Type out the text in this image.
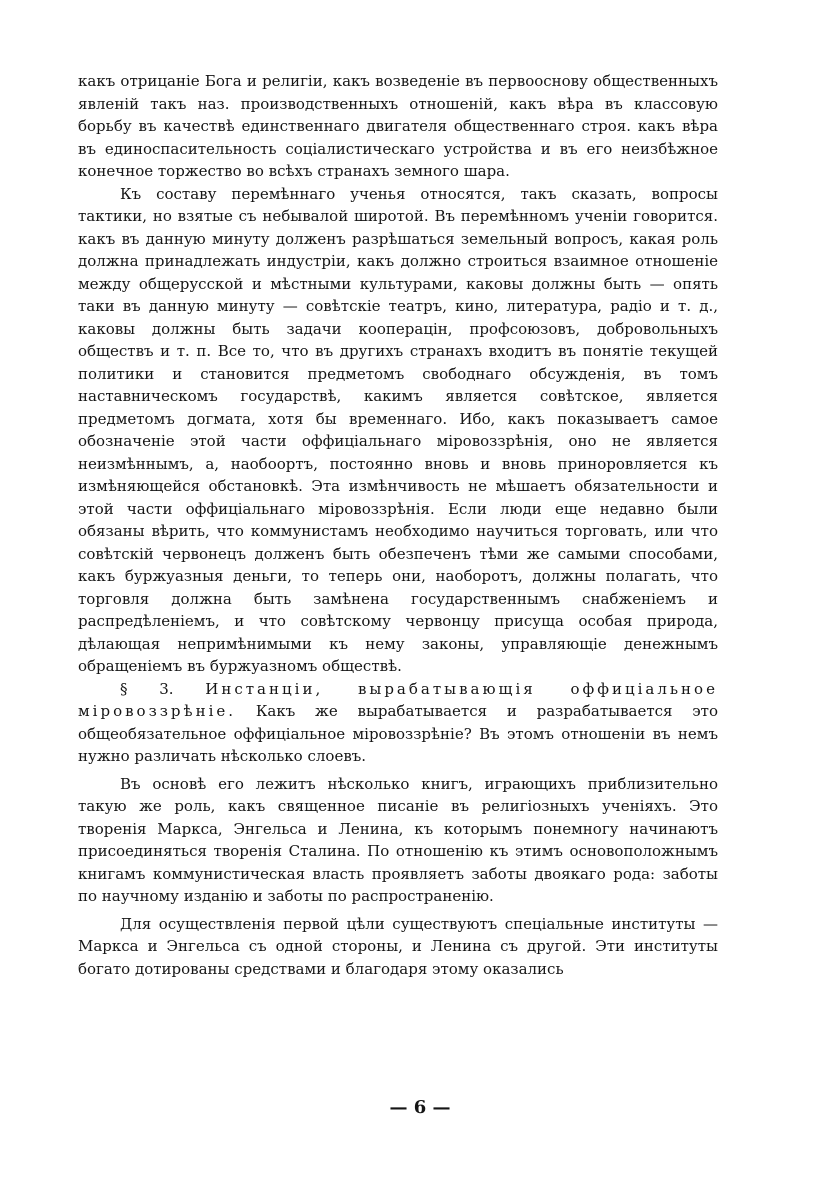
какъ отрицаніе Бога и религіи, какъ возведеніе въ первооснову общественныхъ явленій такъ наз. производственныхъ отношеній, какъ вѣра въ классовую борьбу въ качествѣ единственнаго двигателя общественнаго строя. какъ вѣра въ единоспасительность соціалистическаго устройства и въ его неизбѣжное конечное торжество во всѣхъ странахъ земного шара.

Къ составу перемѣннаго ученья относятся, такъ сказать, вопросы тактики, но взятые съ небывалой широтой. Въ перемѣнномъ ученіи говорится. какъ въ данную минуту долженъ разрѣшаться земельный вопросъ, какая роль должна принадлежать индустріи, какъ должно строиться взаимное отношеніе между общерусской и мѣстными культурами, каковы должны быть — опять таки въ данную минуту — совѣтскіе театръ, кино, литература, радіо и т. д., каковы должны быть задачи кооперацін, профсоюзовъ, добровольныхъ обществъ и т. п. Все то, что въ другихъ странахъ входитъ въ понятіе текущей политики и становится предметомъ свободнаго обсужденія, въ томъ наставническомъ государствѣ, какимъ является совѣтское, является предметомъ догмата, хотя бы временнаго. Ибо, какъ показываетъ самое обозначеніе этой части оффиціальнаго міровоззрѣнія, оно не является неизмѣннымъ, а, наобоортъ, постоянно вновь и вновь приноровляется къ измѣняющейся обстановкѣ. Эта измѣнчивость не мѣшаетъ обязательности и этой части оффиціальнаго міровоззрѣнія. Если люди еще недавно были обязаны вѣрить, что коммунистамъ необходимо научиться торговать, или что совѣтскій червонецъ долженъ быть обезпеченъ тѣми же самыми способами, какъ буржуазныя деньги, то теперь они, наоборотъ, должны полагать, что торговля должна быть замѣнена государственнымъ снабженіемъ и распредѣленіемъ, и что совѣтскому червонцу присуща особая природа, дѣлающая непримѣнимыми къ нему законы, управляющіе денежнымъ обращеніемъ въ буржуазномъ обществѣ.

§ 3. Инстанціи, вырабатывающія оффиціальное міровоззрѣніе. Какъ же вырабатывается и разрабатывается это общеобязательное оффиціальное міровоззрѣніе? Въ этомъ отношеніи въ немъ нужно различать нѣсколько слоевъ.

Въ основѣ его лежитъ нѣсколько книгъ, играющихъ приблизительно такую же роль, какъ священное писаніе въ религіозныхъ ученіяхъ. Это творенія Маркса, Энгельса и Ленина, къ которымъ понемногу начинаютъ присоединяться творенія Сталина. По отношенію къ этимъ основоположнымъ книгамъ коммунистическая власть проявляетъ заботы двоякаго рода: заботы по научному изданію и заботы по распространенію.

Для осуществленія первой цѣли существуютъ спеціальные институты — Маркса и Энгельса съ одной стороны, и Ленина съ другой. Эти институты богато дотированы средствами и благодаря этому оказались

— 6 —
